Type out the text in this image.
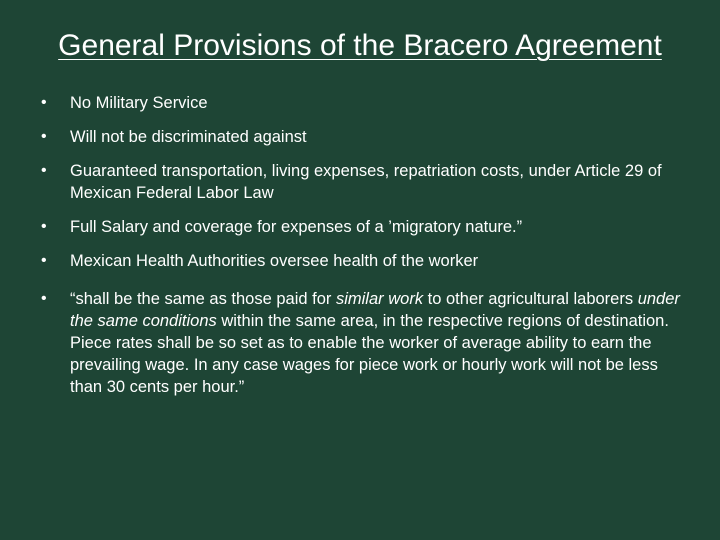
General Provisions of the Bracero Agreement
• No Military Service
• Will not be discriminated against
• Guaranteed transportation, living expenses, repatriation costs, under Article 29 of Mexican Federal Labor Law
• Full Salary and coverage for expenses of a ’migratory nature.”
• Mexican Health Authorities oversee health of the worker
• “shall be the same as those paid for similar work to other agricultural laborers under the same conditions within the same area, in the respective regions of destination. Piece rates shall be so set as to enable the worker of average ability to earn the prevailing wage. In any case wages for piece work or hourly work will not be less than 30 cents per hour.”
